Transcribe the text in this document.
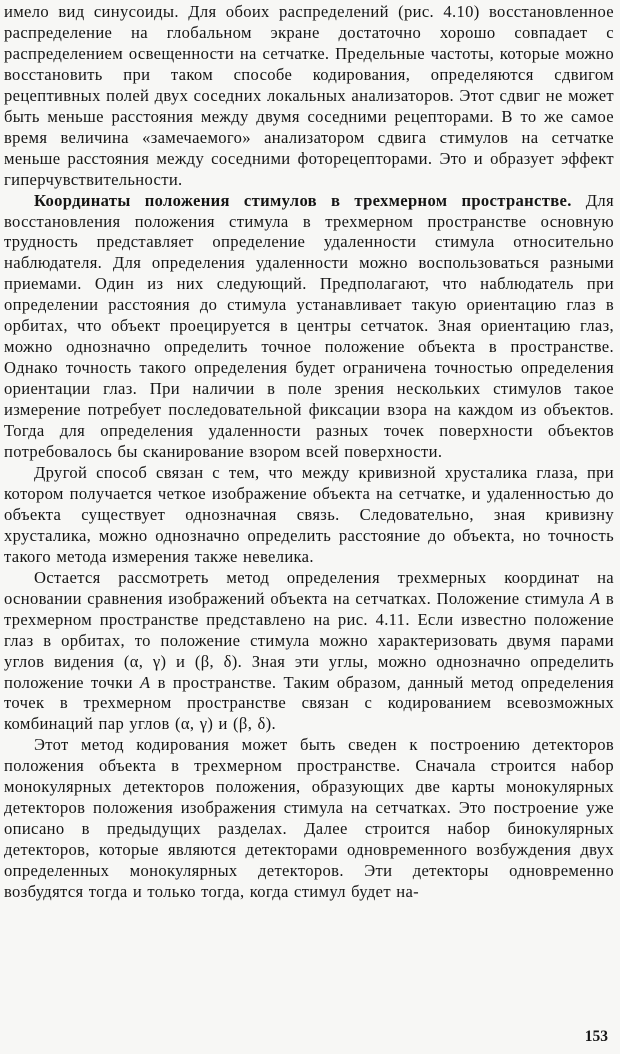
имело вид синусоиды. Для обоих распределений (рис. 4.10) восстановленное распределение на глобальном экране достаточно хорошо совпадает с распределением освещенности на сетчатке. Предельные частоты, которые можно восстановить при таком способе кодирования, определяются сдвигом рецептивных полей двух соседних локальных анализаторов. Этот сдвиг не может быть меньше расстояния между двумя соседними рецепторами. В то же самое время величина «замечаемого» анализатором сдвига стимулов на сетчатке меньше расстояния между соседними фоторецепторами. Это и образует эффект гиперчувствительности.

Координаты положения стимулов в трехмерном пространстве. Для восстановления положения стимула в трехмерном пространстве основную трудность представляет определение удаленности стимула относительно наблюдателя. Для определения удаленности можно воспользоваться разными приемами. Один из них следующий. Предполагают, что наблюдатель при определении расстояния до стимула устанавливает такую ориентацию глаз в орбитах, что объект проецируется в центры сетчаток. Зная ориентацию глаз, можно однозначно определить точное положение объекта в пространстве. Однако точность такого определения будет ограничена точностью определения ориентации глаз. При наличии в поле зрения нескольких стимулов такое измерение потребует последовательной фиксации взора на каждом из объектов. Тогда для определения удаленности разных точек поверхности объектов потребовалось бы сканирование взором всей поверхности.

Другой способ связан с тем, что между кривизной хрусталика глаза, при котором получается четкое изображение объекта на сетчатке, и удаленностью до объекта существует однозначная связь. Следовательно, зная кривизну хрусталика, можно однозначно определить расстояние до объекта, но точность такого метода измерения также невелика.

Остается рассмотреть метод определения трехмерных координат на основании сравнения изображений объекта на сетчатках. Положение стимула А в трехмерном пространстве представлено на рис. 4.11. Если известно положение глаз в орбитах, то положение стимула можно характеризовать двумя парами углов видения (α, γ) и (β, δ). Зная эти углы, можно однозначно определить положение точки А в пространстве. Таким образом, данный метод определения точек в трехмерном пространстве связан с кодированием всевозможных комбинаций пар углов (α, γ) и (β, δ).

Этот метод кодирования может быть сведен к построению детекторов положения объекта в трехмерном пространстве. Сначала строится набор монокулярных детекторов положения, образующих две карты монокулярных детекторов положения изображения стимула на сетчатках. Это построение уже описано в предыдущих разделах. Далее строится набор бинокулярных детекторов, которые являются детекторами одновременного возбуждения двух определенных монокулярных детекторов. Эти детекторы одновременно возбудятся тогда и только тогда, когда стимул будет на-

153
